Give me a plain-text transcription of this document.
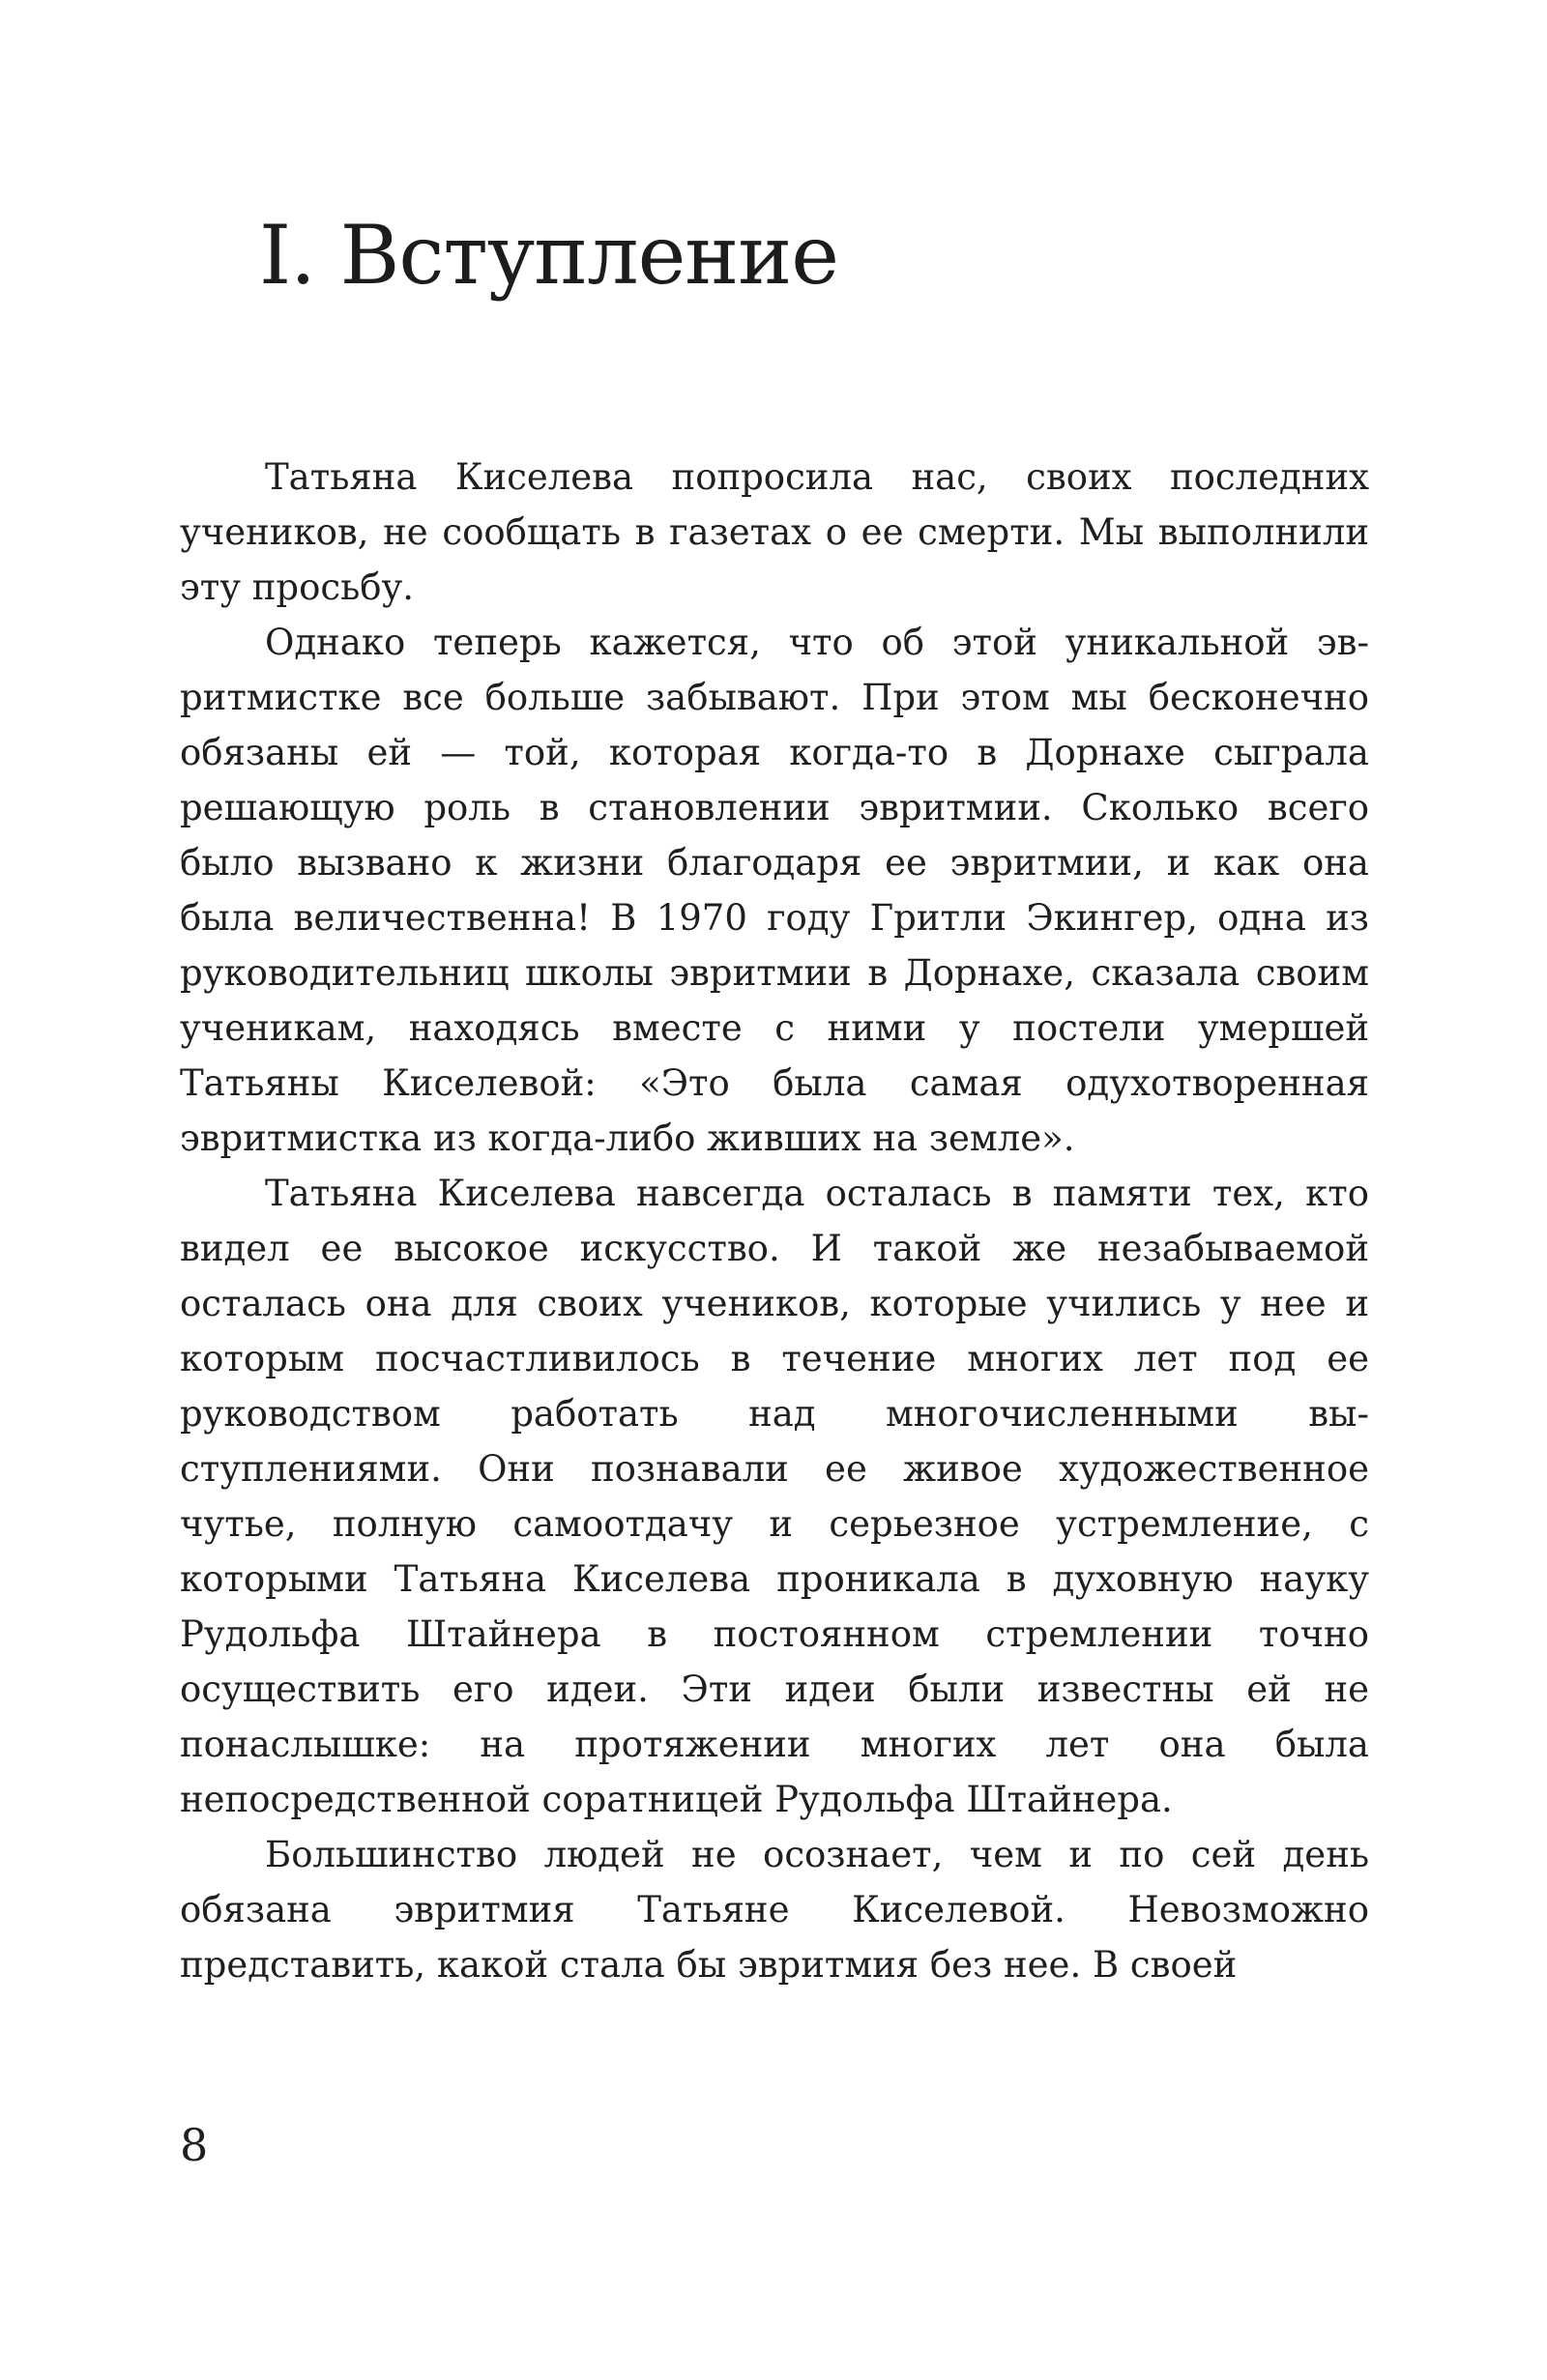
I. Вступление

Татьяна Киселева попросила нас, своих последних учеников, не сообщать в газетах о ее смерти. Мы выполнили эту просьбу.

Однако теперь кажется, что об этой уникальной эвритмистке все больше забывают. При этом мы бесконечно обязаны ей — той, которая когда-то в Дорнахе сыграла решающую роль в становлении эвритмии. Сколько всего было вызвано к жизни благодаря ее эвритмии, и как она была величественна! В 1970 году Гритли Экингер, одна из руководительниц школы эвритмии в Дорнахе, сказала своим ученикам, находясь вместе с ними у постели умершей Татьяны Киселевой: «Это была самая одухотворенная эвритмистка из когда-либо живших на земле».

Татьяна Киселева навсегда осталась в памяти тех, кто видел ее высокое искусство. И такой же незабываемой осталась она для своих учеников, которые учились у нее и которым посчастливилось в течение многих лет под ее руководством работать над многочисленными выступлениями. Они познавали ее живое художественное чутье, полную самоотдачу и серьезное устремление, с которыми Татьяна Киселева проникала в духовную науку Рудольфа Штайнера в постоянном стремлении точно осуществить его идеи. Эти идеи были известны ей не понаслышке: на протяжении многих лет она была непосредственной соратницей Рудольфа Штайнера.

Большинство людей не осознает, чем и по сей день обязана эвритмия Татьяне Киселевой. Невозможно представить, какой стала бы эвритмия без нее. В своей

8
